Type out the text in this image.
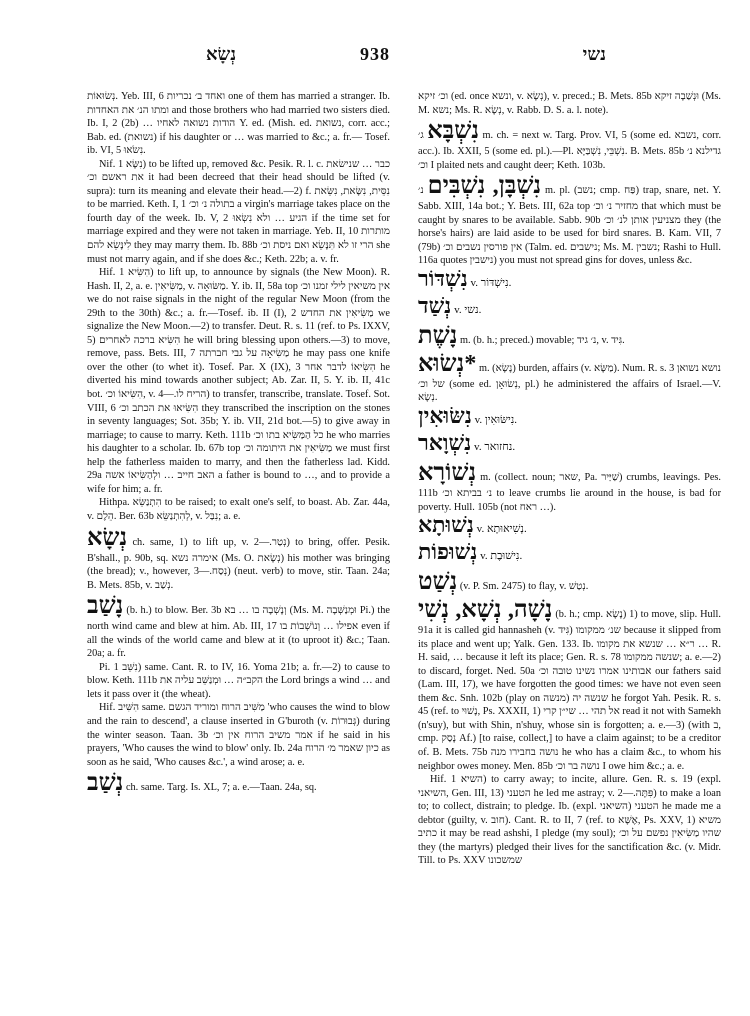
נְשָׂא	938	נשי

נְשׂוּאוֹת. Yeb. III, 6 ואחד ב׳ נכריות one of them has married a stranger. Ib. ומתו הנ׳ את האחדות and those brothers who had married two sisters died. Ib. I, 2 (2b) … הודות נשואה לאחיו Y. ed. (Mish. ed. נשואת, corr. acc.; Bab. ed. (נשואת) if his daughter or … was married to &c.; a. fr.— Tosef. ib. VI, 5 נִשֹׂאוּ.

Nif. נִשָּׂא 1) to be lifted up, removed &c. Pesik. R. l. c. כבר … שנישׂאת את ראשם וכ׳ it had been decreed that their head should be lifted (v. supra): turn its meaning and elevate their head.—2) f. נִסֵּית, נִשָּׂאת, נִשֵּׂאת to be married. Keth. I, 1 בתולה נ׳ וכ׳ a virgin's marriage takes place on the fourth day of the week. Ib. V, 2 הגיע … ולא נִשְׂאוּ if the time set for marriage expired and they were not taken in marriage. Yeb. II, 10 מותרות לִינָּשֵׂא להם they may marry them. Ib. 88b הרי זו לא תִּנָּשֵׂא ואם ניסת וכ׳ she must not marry again, and if she does &c.; Keth. 22b; a. v. fr.

Hif. הִשִּׂיא 1) to lift up, to announce by signals (the New Moon). R. Hash. II, 2, a. e. מַשִּׂיאִין, v. מַשּׂוּאָה. Y. ib. II, 58a top אין משיאין לילי זמנו וכ׳ we do not raise signals in the night of the regular New Moon (from the 29th to the 30th) &c.; a. fr.—Tosef. ib. II (I), 2 מַשִּׂיאִין את החדש we signalize the New Moon.—2) to transfer. Deut. R. s. 11 (ref. to Ps. IXXV, 5) הִשִּׂיא ברכה לאחרים he will bring blessing upon others.—3) to move, remove, pass. Bets. III, 7 מַשִּׂיאָה על גבי חברתה he may pass one knife over the other (to whet it). Tosef. Par. X (IX), 3 הִשִּׂיאוֹ לדבר אחר he diverted his mind towards another subject; Ab. Zar. II, 5. Y. ib. II, 41c bot. הִשִּׂיאוֹ וכ׳, v. הריח לו.—4) to transfer, transcribe, translate. Tosef. Sot. VIII, 6 הִשִּׂיאוּ את הכתב וכ׳ they transcribed the inscription on the stones in seventy languages; Sot. 35b; Y. ib. VII, 21d bot.—5) to give away in marriage; to cause to marry. Keth. 111b כל הַמַּשִּׂיא בתו וכ׳ he who marries his daughter to a scholar. Ib. 67b top מַשִּׂיאִין את היתומה וכ׳ we must first help the fatherless maiden to marry, and then the fatherless lad. Kidd. 29a האב חייב … ולְהַשִּׂיאוֹ אשה a father is bound to …, and to provide a wife for him; a. fr.

Hithpa. הִתְנַשֵּׂא to be raised; to exalt one's self, to boast. Ab. Zar. 44a, v. הֵלֶם. Ber. 63b לְהִתְנַשֵּׂא, v. נִבַּל; a. e.

נְשָׂא ch. same, 1) to lift up, v. נְטַר.—2) to bring, offer. Pesik. B'shall., p. 90b, sq. אימרה נשא (Ms. O. נְשָׂאת) his mother was bringing (the bread); v., however, נְסַח.—3) (neut. verb) to move, stir. Taan. 24a; B. Mets. 85b, v. נְשַׁב.

נָשַׁב (b. h.) to blow. Ber. 3b וְנָשְׁבָה בו … בא (Ms. M. וּמְנַשְּׁבָה Pi.) the north wind came and blew at him. Ab. III, 17 אפילו … וְנוֹשְׁבוֹת בו even if all the winds of the world came and blew at it (to uproot it) &c.; Taan. 20a; a. fr.

Pi. נִשֵּׁב 1) same. Cant. R. to IV, 16. Yoma 21b; a. fr.—2) to cause to blow. Keth. 111b הקב״ה … וּמְנַשֵּׁב עליה את the Lord brings a wind … and lets it pass over it (the wheat).

Hif. הִשִּׁיב same. מַשִּׁיב הרוח ומוריד הגשם 'who causes the wind to blow and the rain to descend', a clause inserted in G'buroth (v. גְּבוּרוֹת) during the winter season. Taan. 3b אמר משיב הרוח אין וכ׳ if he said in his prayers, 'Who causes the wind to blow' only. Ib. 24a כיון שאמר מ׳ הרוח as soon as he said, 'Who causes &c.', a wind arose; a. e.

נְשַׁב ch. same. Targ. Is. XL, 7; a. e.—Taan. 24a, sq.

וכ׳ זיקא (ed. once ונשא, v. נְשָׂא), v. preced.; B. Mets. 85b וּנְשַׁבָה זיקא (Ms. M. נשא; Ms. R. נְשָׂא, v. Rabb. D. S. a. l. note).

נִשְׁבָּא ג׳ m. ch. = next w. Targ. Prov. VI, 5 (some ed. נשבא, corr. acc.). Ib. XXII, 5 (some ed. pl.).—Pl. נִשְׁבֵּי, נִשְׁבַּיָּא. B. Mets. 85b גדילנא נ׳ וכ׳ I plaited nets and caught deer; Keth. 103b.

נִשְׁבָּן, נִשְׁבִּים נ׳ m. pl. (נשב; cmp. פַּח) trap, snare, net. Y. Sabb. XIII, 14a bot.; Y. Bets. III, 62a top מחזיר נ׳ וכ׳ that which must be caught by snares to be available. Sabb. 90b מצניעין אותן לנ׳ וכ׳ they (the horse's hairs) are laid aside to be used for bird snares. B. Kam. VII, 7 (79b) אין פורסין נשבים וכ׳ (Talm. ed. נישבים; Ms. M. נשבין; Rashi to Hull. 116a quotes נישבין) you must not spread gins for doves, unless &c.

נִשְׁדּוֹר v. נִישְׁדּוֹר.

נְשַׁד v. נשי.

נָשֶׁת m. (b. h.; preced.) movable; נ׳ גיד, v. גִּיד.

נְשׂוּא* m. (נָשָׂא) burden, affairs (v. מַשָּׂא). Num. R. s. 3 נושא נשואן של וכ׳ (some ed. נְשׂוּאָן, pl.) he administered the affairs of Israel.—V. נְשָׂא.

נִשּׂוּאִין v. נִישּׂוּאִין.

נִשְׁוָאר v. נחזואר.

נְשׁוֹרָא m. (collect. noun; שאר, Pa. שַׁיַּיר) crumbs, leavings. Pes. 111b נ׳ בביתא וכ׳ to leave crumbs lie around in the house, is bad for poverty. Hull. 105b (not ראח …).

נְשׁוּתָא v. נְשִׁיאוּתָא.

נְשׁוּפוֹת v. נִישׁוּבֶת.

נְשַׁט (v. P. Sm. 2475) to flay, v. נְטַשׁ.

נָשָׁה, נְשָׁא, נְשִׁי (b. h.; cmp. נָשָׂא) 1) to move, slip. Hull. 91a it is called gid hannasheh (v. גִּיד) שנ׳ ממקומו because it slipped from its place and went up; Yalk. Gen. 133. Ib. ר״א … שנשא את מקומו … R. H. said, … because it left its place; Gen. R. s. 78 שנשה ממקומו; a. e.—2) to discard, forget. Ned. 50a אבותינו אמרו נשינו טובה וכ׳ our fathers said (Lam. III, 17), we have forgotten the good times: we have not even seen them &c. Snh. 102b (play on מנשה) שנשה יה he forgot Yah. Pesik. R. s. 45 (ref. to נָשׁוּי, Ps. XXXII, 1) אל תהי … שי״ן קרי read it not with Samekh (n'suy), but with Shin, n'shuy, whose sin is forgotten; a. e.—3) (with ב, cmp. נָסַק Af.) [to raise, collect,] to have a claim against; to be a creditor of. B. Mets. 75b נושה בחבירו מנה he who has a claim &c., to whom his neighbor owes money. Men. 85b נושה בר וכ׳ I owe him &c.; a. e.

Hif. השיא 1) to carry away; to incite, allure. Gen. R. s. 19 (expl. השיאני, Gen. III, 13) הטעני he led me astray; v. פִּתָּה.—2) to make a loan to; to collect, distrain; to pledge. Ib. (expl. השיאני) הטעני he made me a debtor (guilty, v. חוב). Cant. R. to II, 7 (ref. to אֶשָּׁא, Ps. XXV, 1) משיא כתיב it may be read ashshi, I pledge (my soul); שהיו מַשִּׂיאִין נפשם על וכ׳ they (the martyrs) pledged their lives for the sanctification &c. (v. Midr. Till. to Ps. XXV שמשכונו
